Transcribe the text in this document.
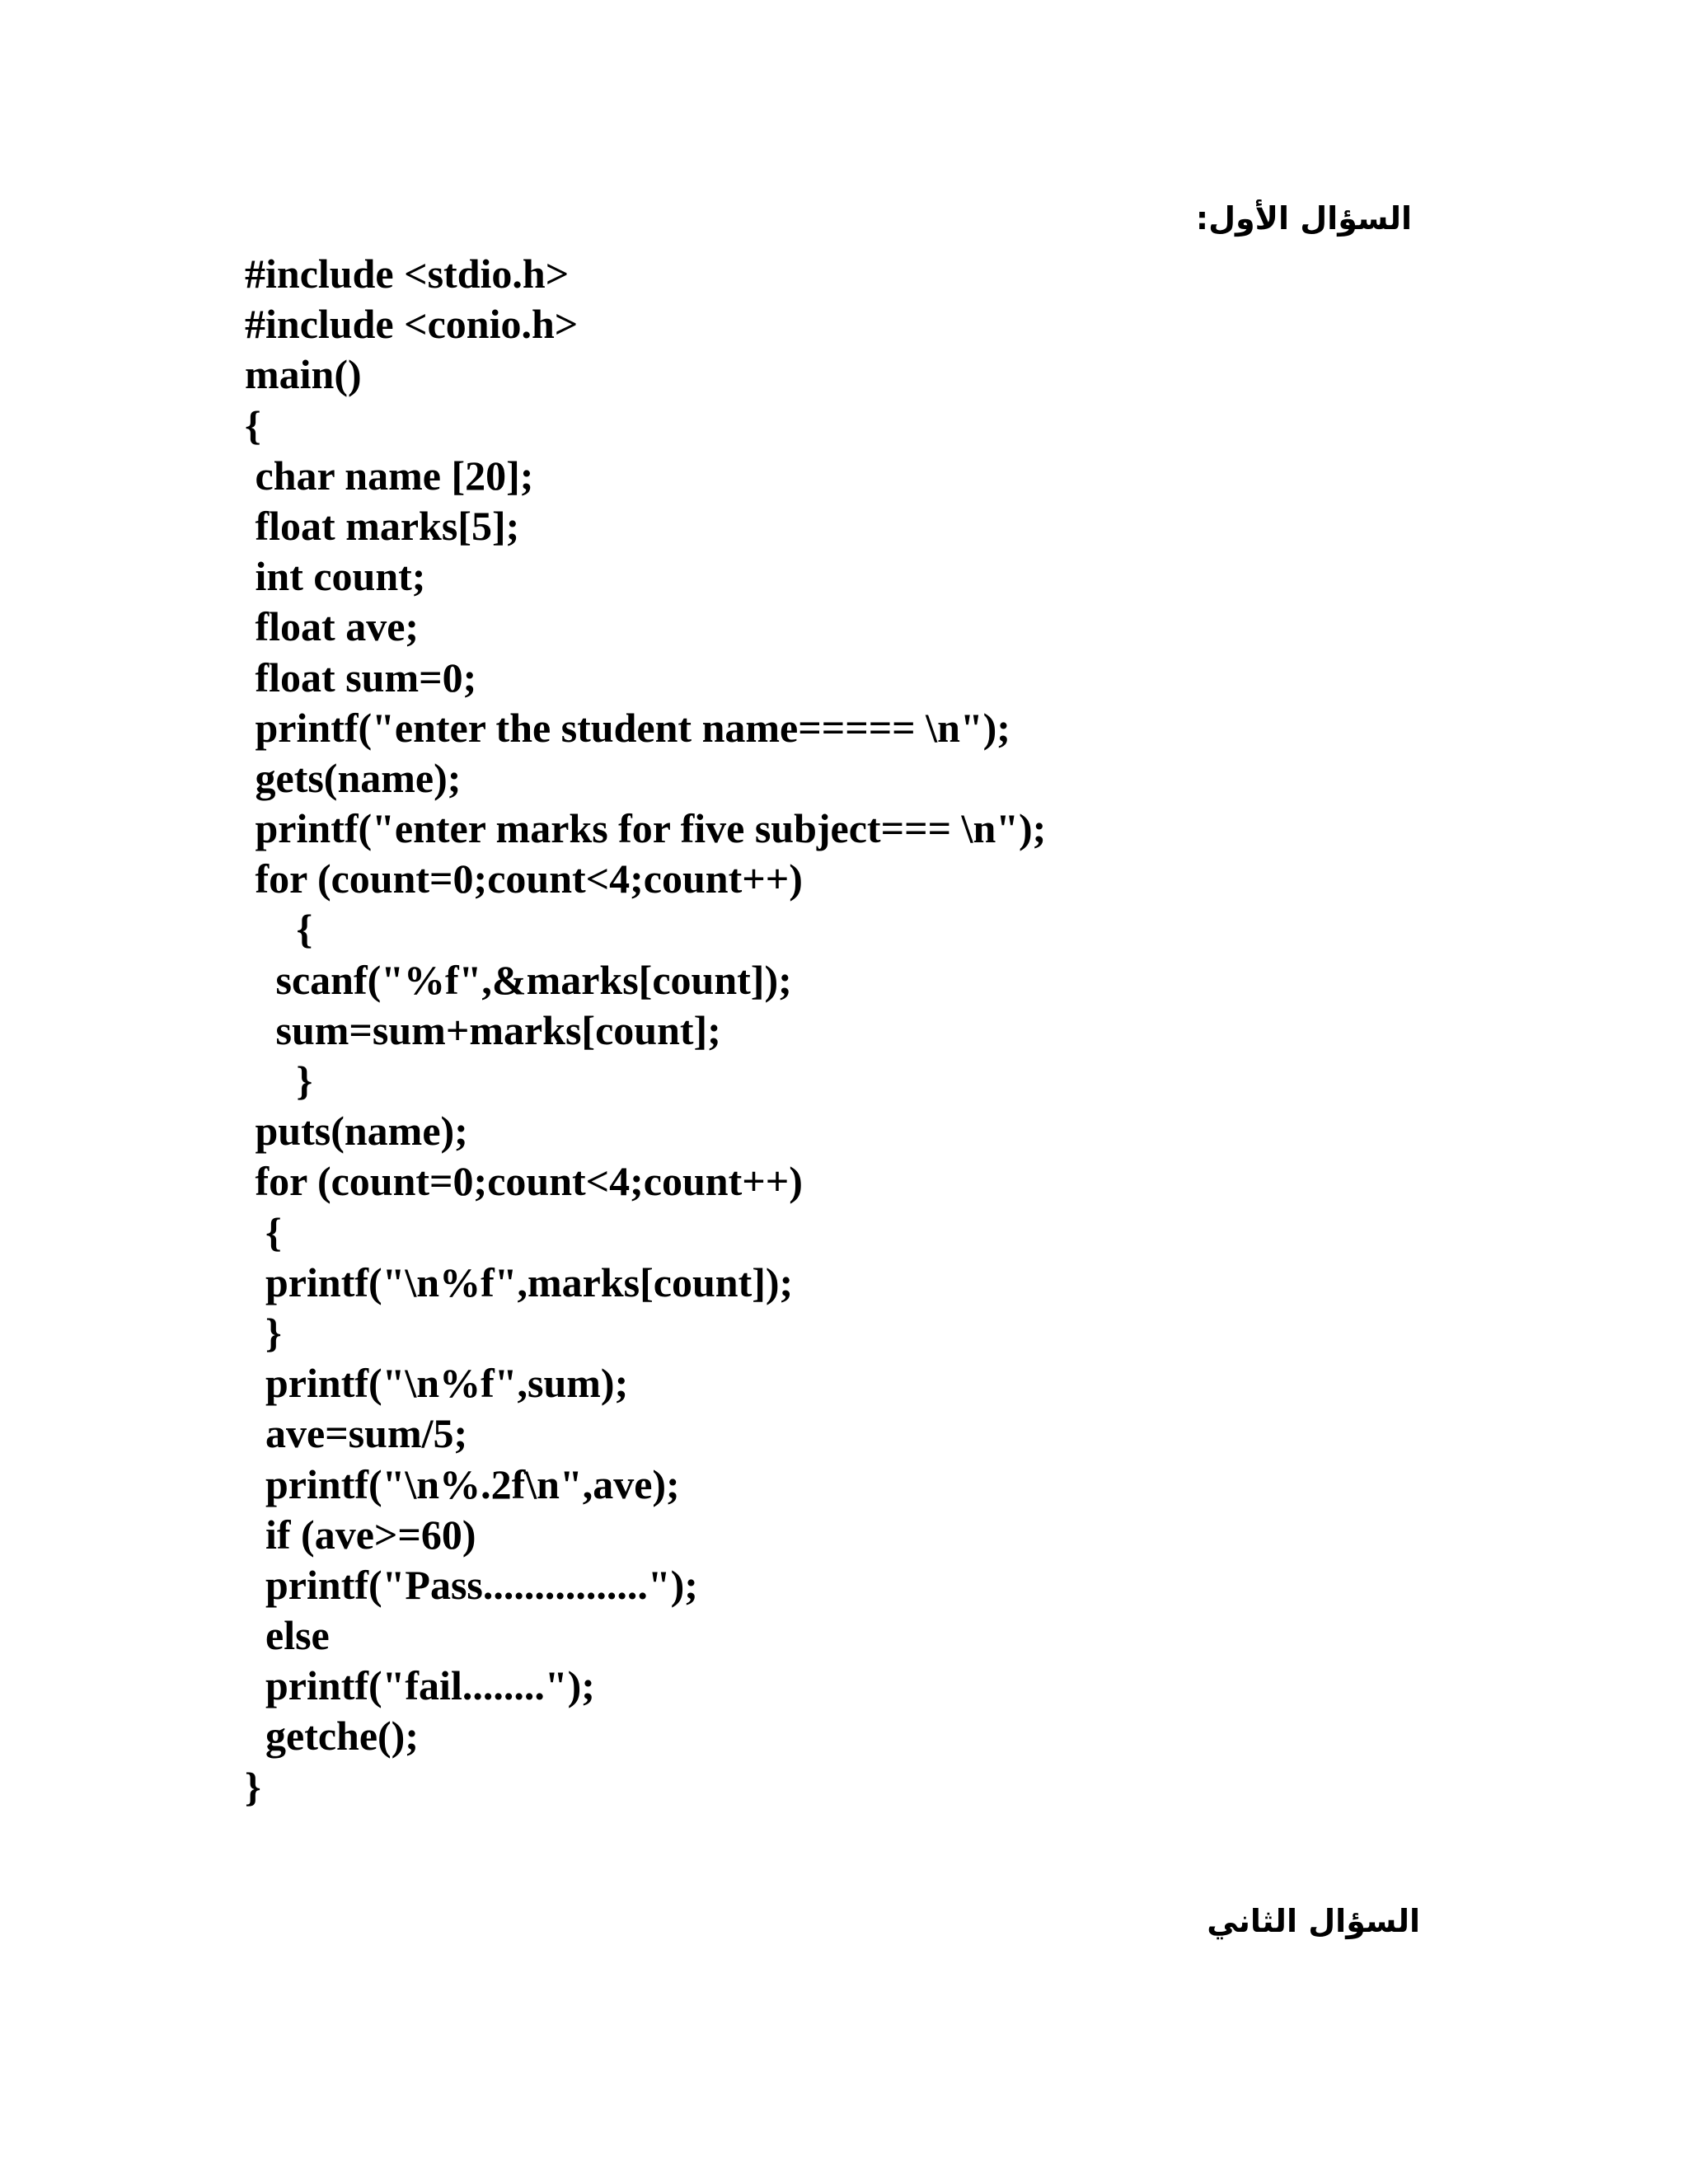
السؤال الأول:
#include <stdio.h>
#include <conio.h>
main()
{
char name [20];
float marks[5];
int count;
float ave;
float sum=0;
printf("enter the student name===== \n");
gets(name);
printf("enter marks for five subject=== \n");
for (count=0;count<4;count++)
{
scanf("%f",&marks[count]);
sum=sum+marks[count];
}
puts(name);
for (count=0;count<4;count++)
{
printf("\n%f",marks[count]);
}
printf("\n%f",sum);
ave=sum/5;
printf("\n%.2f\n",ave);
if (ave>=60)
printf("Pass................");
else
printf("fail........");
getche();
}
السؤال الثاني
